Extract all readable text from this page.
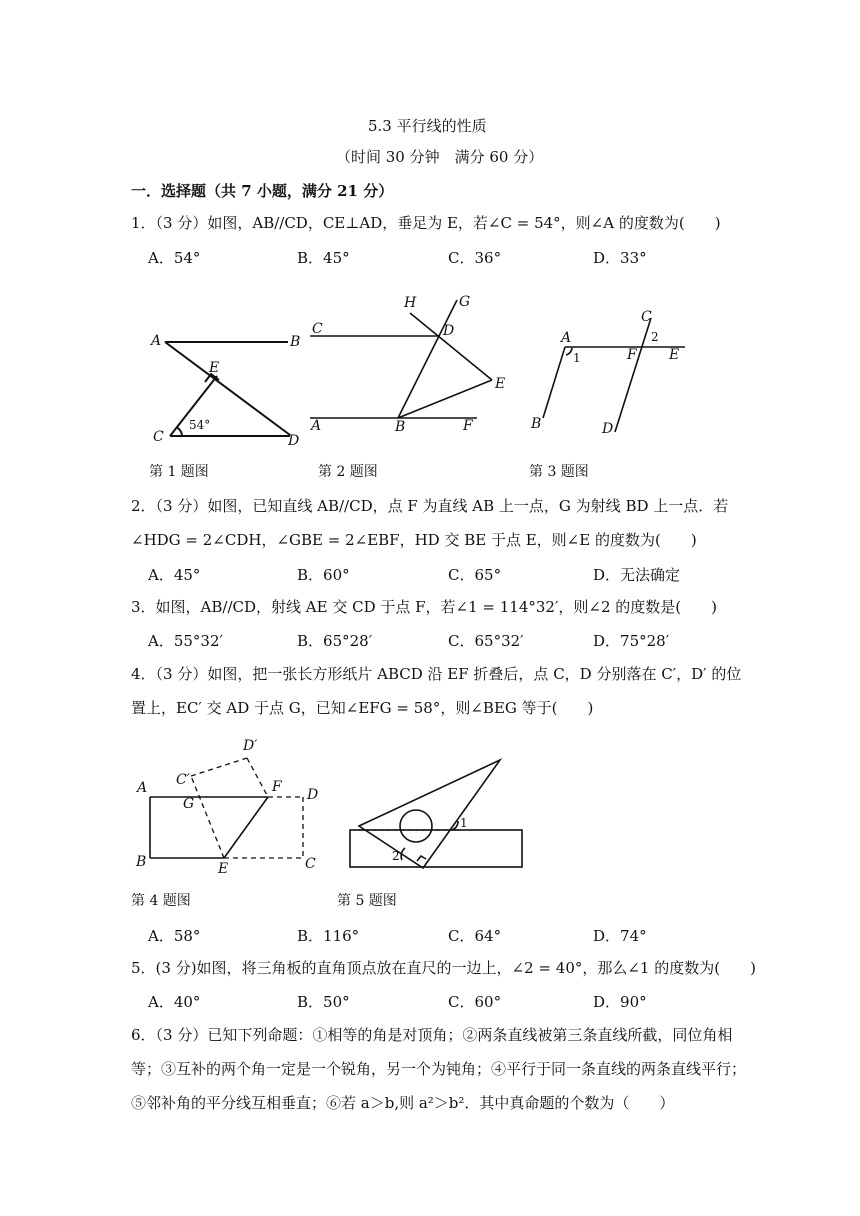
5.3 平行线的性质
（时间 30 分钟　满分 60 分）
一．选择题（共 7 小题，满分 21 分）
1．（3 分）如图，AB//CD，CE⊥AD，垂足为 E，若∠C = 54°，则∠A 的度数为(　　)
A．54°	B．45°	C．36°	D．33°
A	B
E
C	D
54°
H	G
C	D
E
A	B	F
C
A
1	F
2
E
B	D
第 1 题图	第 2 题图	第 3 题图
2．（3 分）如图，已知直线 AB//CD，点 F 为直线 AB 上一点，G 为射线 BD 上一点．若
∠HDG = 2∠CDH，∠GBE = 2∠EBF，HD 交 BE 于点 E，则∠E 的度数为(　　)
A．45°	B．60°	C．65°	D．无法确定
3．如图，AB//CD，射线 AE 交 CD 于点 F，若∠1 = 114°32′，则∠2 的度数是(　　)
A．55°32′	B．65°28′	C．65°32′	D．75°28′
4．（3 分）如图，把一张长方形纸片 ABCD 沿 EF 折叠后，点 C，D 分别落在 C′，D′ 的位
置上，EC′ 交 AD 于点 G，已知∠EFG = 58°，则∠BEG 等于(　　)
D′
C′
A
G
F D
B	E	C
1
2
第 4 题图	第 5 题图
A．58°	B．116°	C．64°	D．74°
5．(3 分)如图，将三角板的直角顶点放在直尺的一边上，∠2 = 40°，那么∠1 的度数为(　　)
A．40°	B．50°	C．60°	D．90°
6．（3 分）已知下列命题：①相等的角是对顶角；②两条直线被第三条直线所截，同位角相
等；③互补的两个角一定是一个锐角，另一个为钝角；④平行于同一条直线的两条直线平行；
⑤邻补角的平分线互相垂直；⑥若 a＞b,则 a²＞b²．其中真命题的个数为（　　）
